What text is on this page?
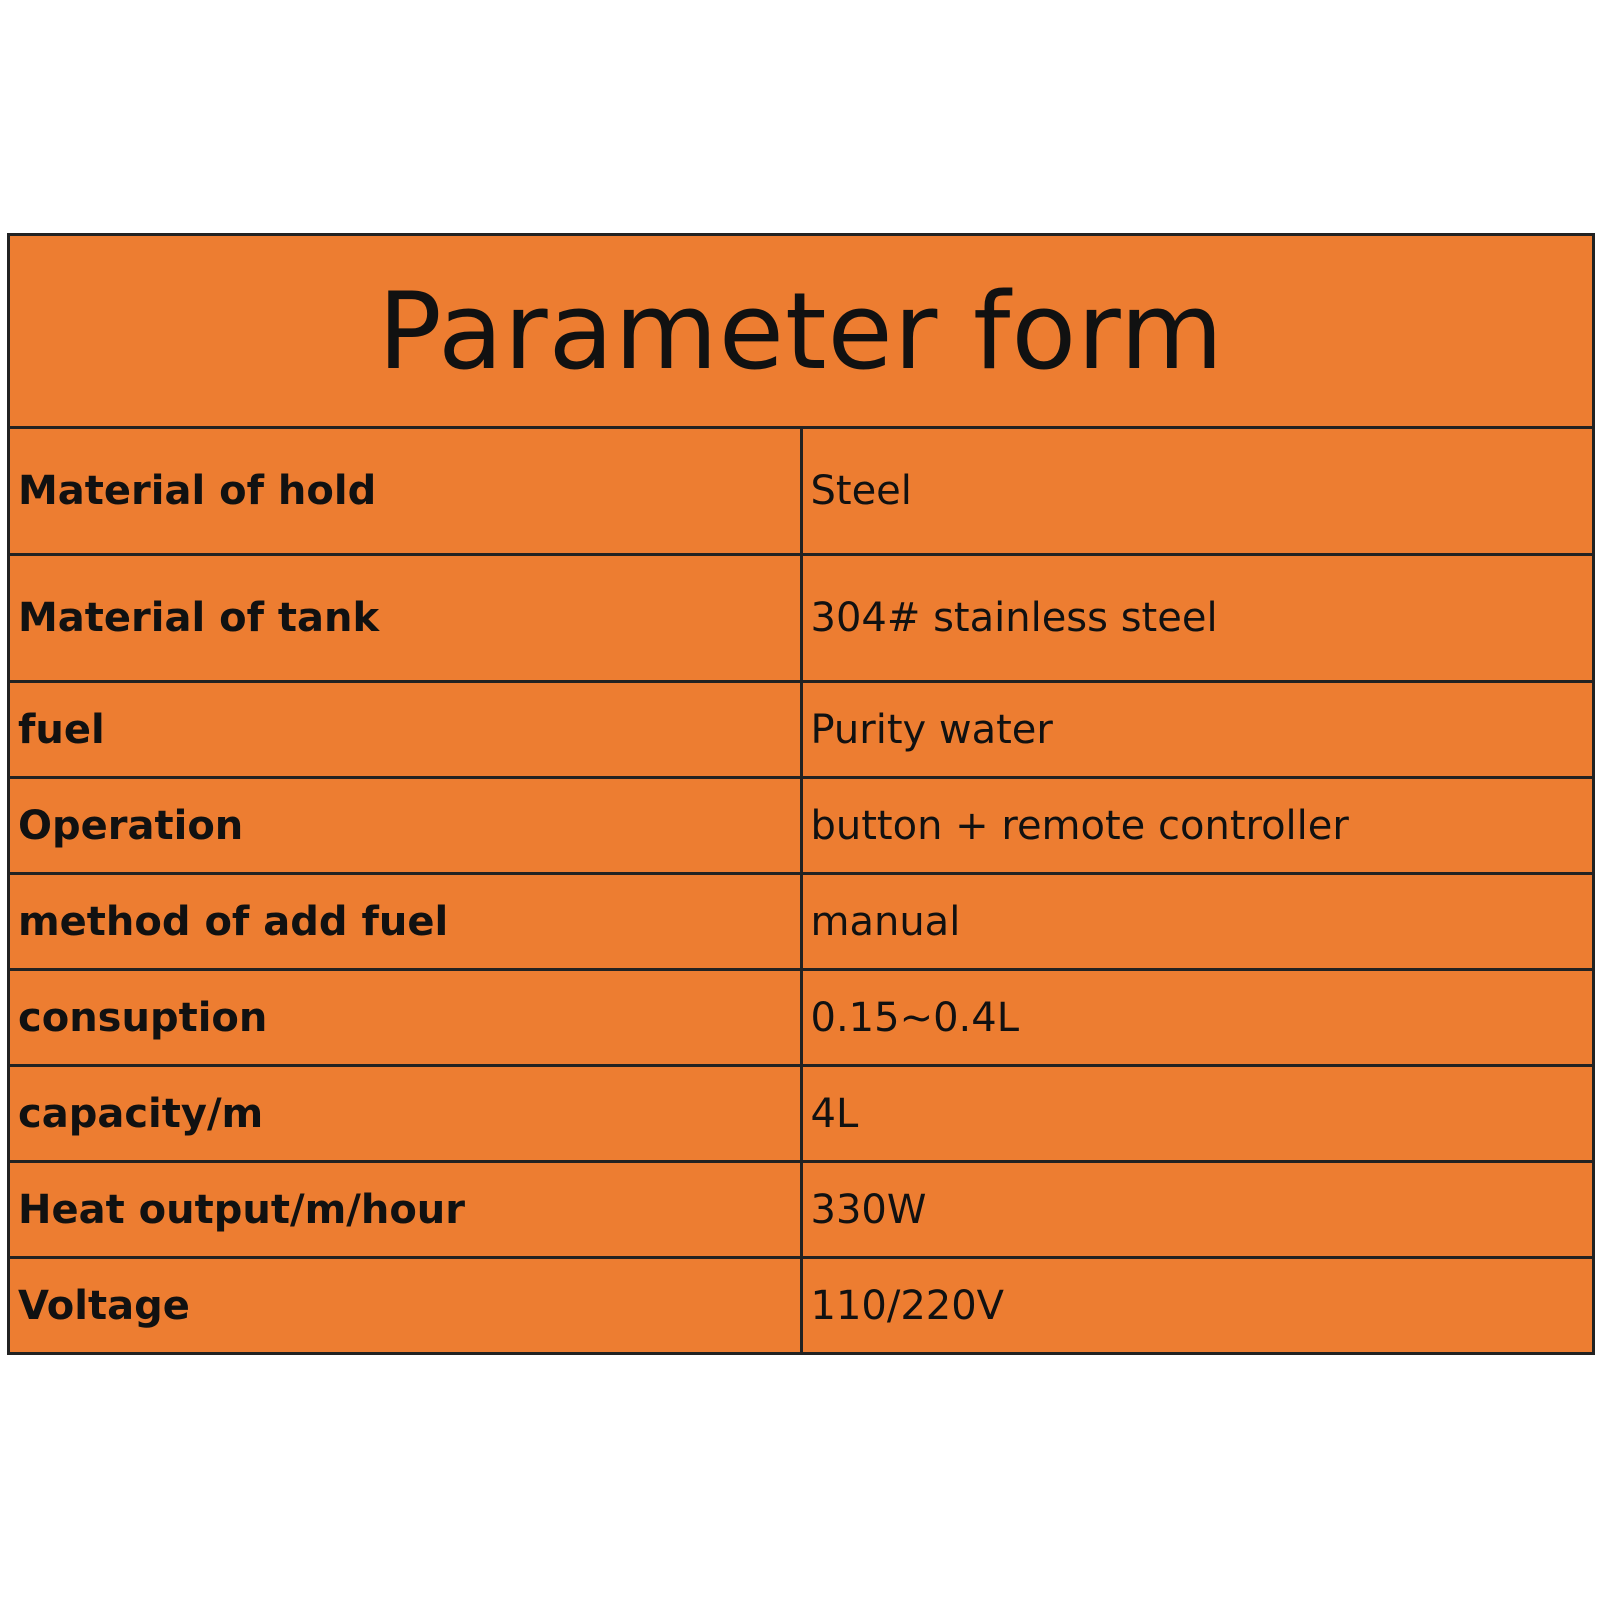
Parameter form	
Material of hold	Steel
Material of tank	304# stainless steel
fuel	Purity water
Operation	button + remote controller
method of add fuel	manual
consuption	0.15~0.4L
capacity/m	4L
Heat output/m/hour	330W
Voltage	110/220V
